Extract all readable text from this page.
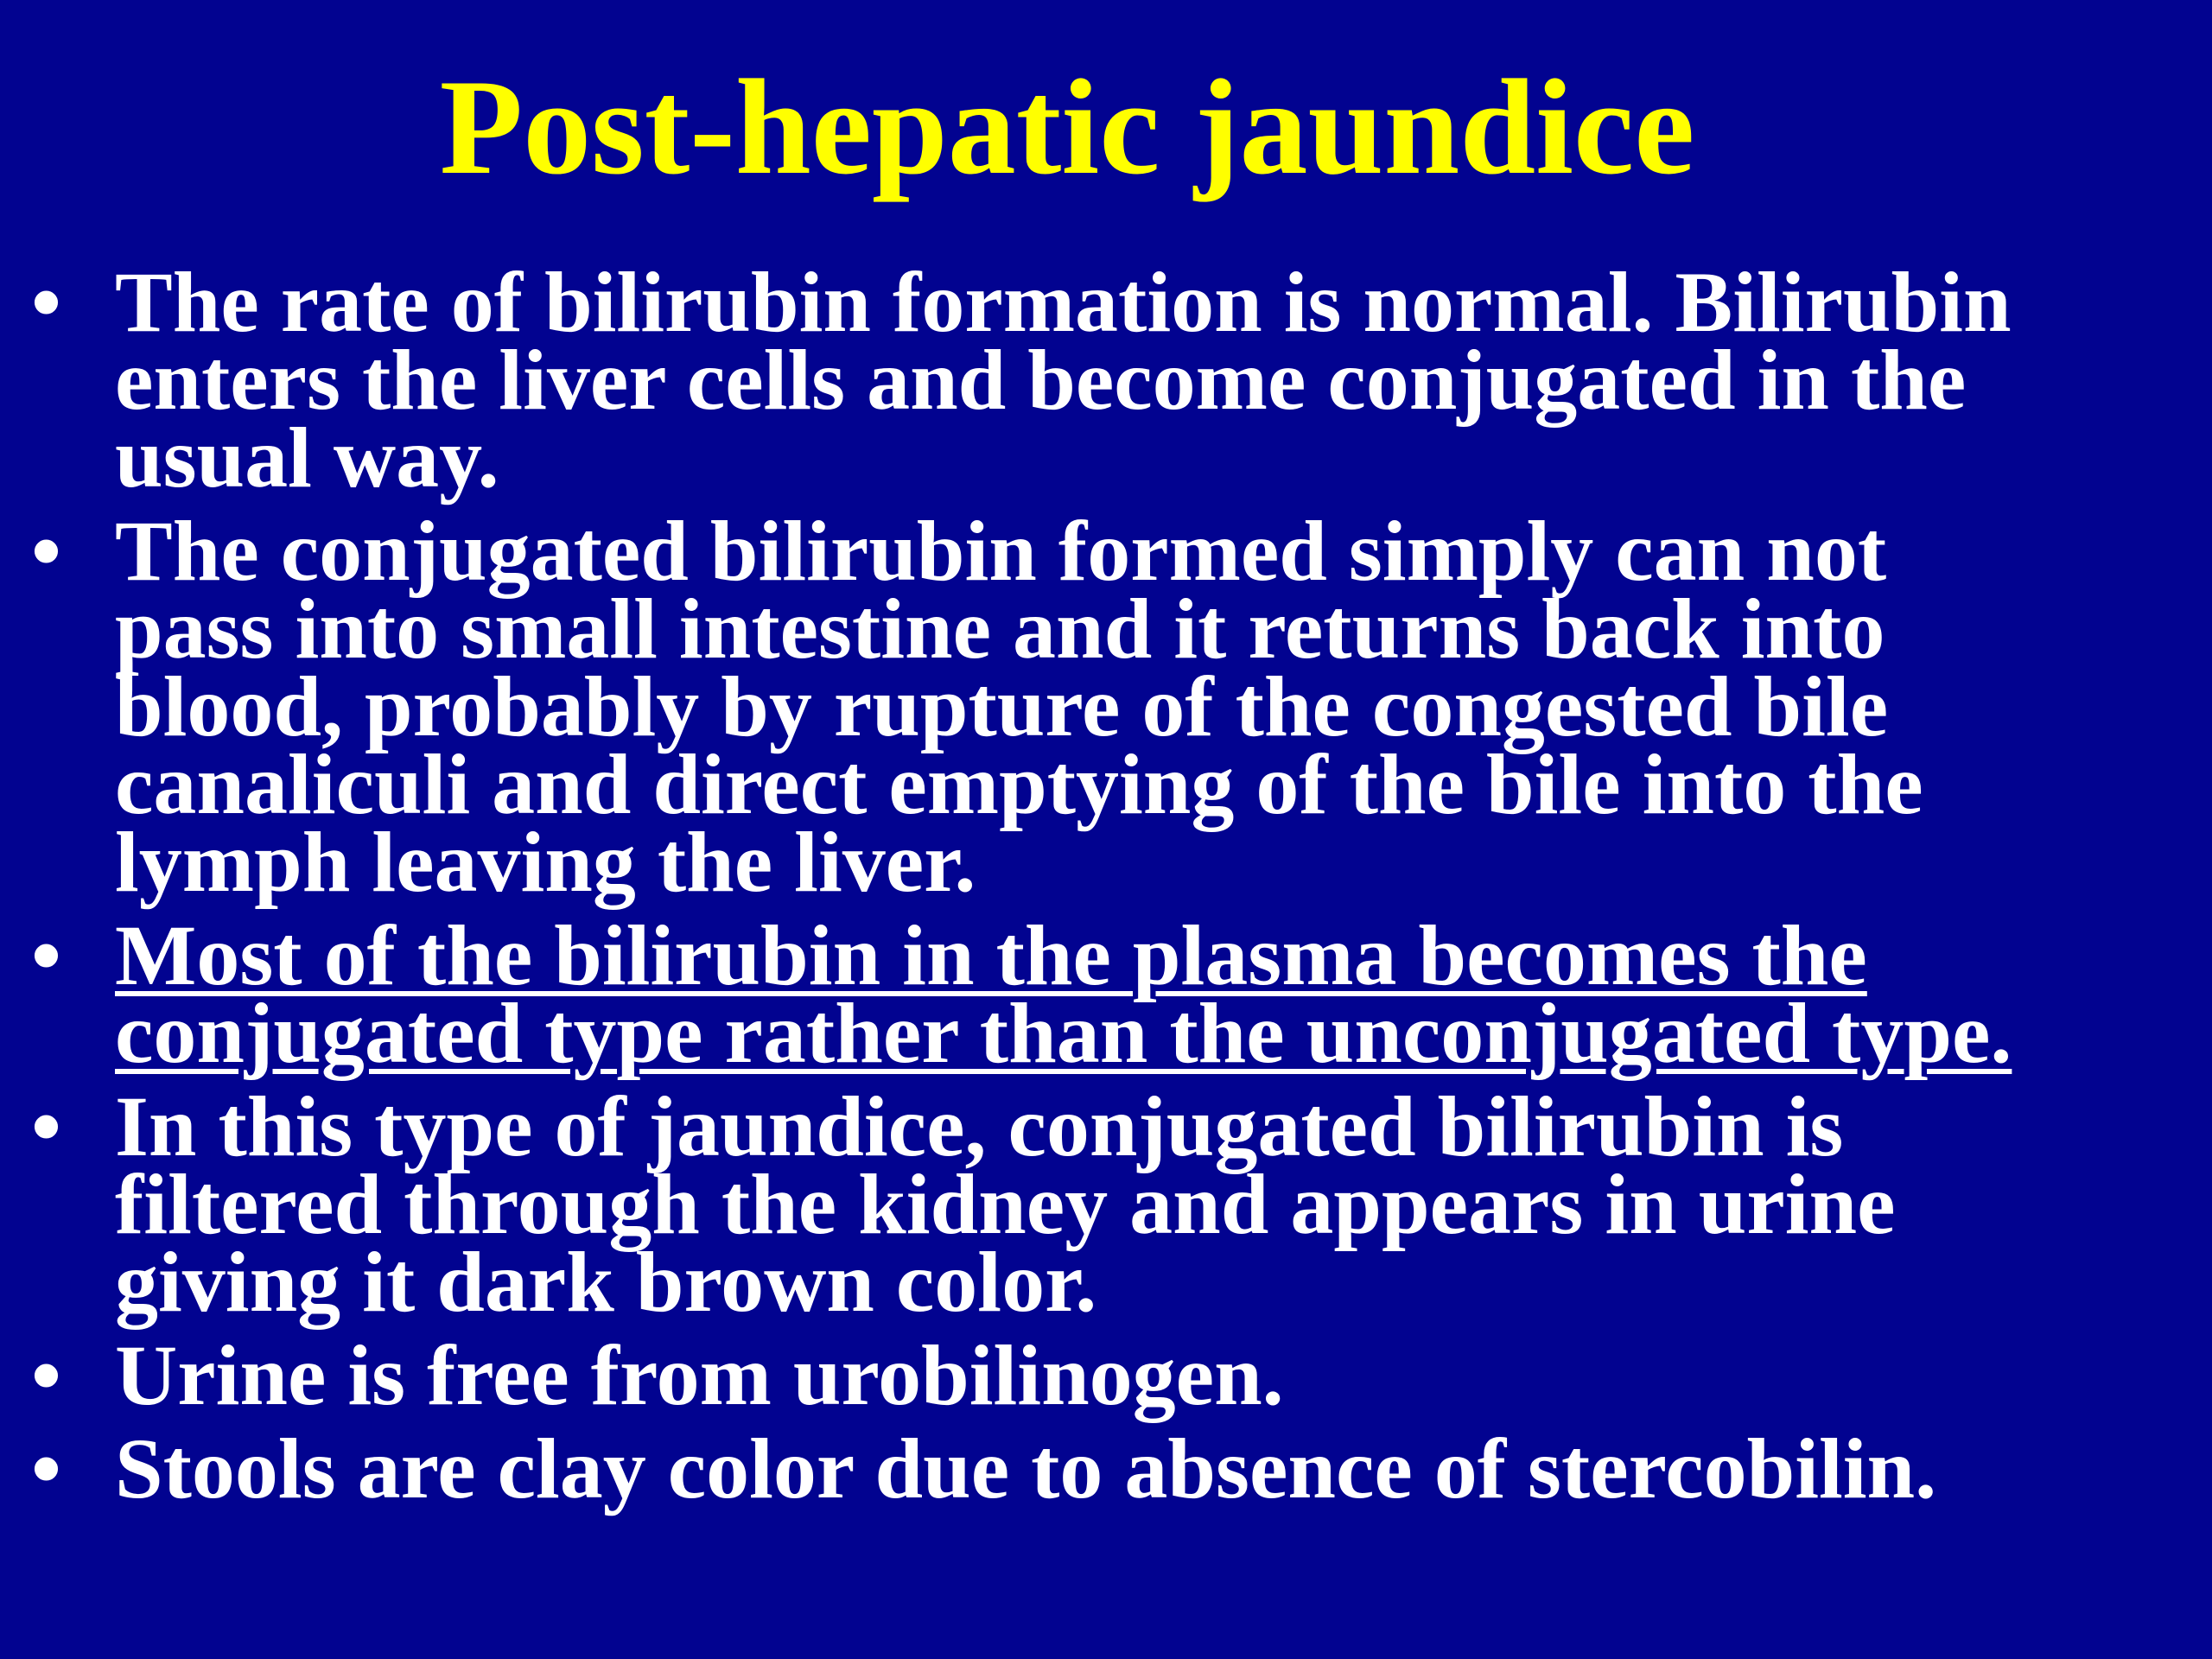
Post-hepatic jaundice
• The rate of bilirubin formation is normal. Bilirubin
enters the liver cells and become conjugated in the
usual way.
• The conjugated bilirubin formed simply can not
pass into small intestine and it returns back into
blood, probably by rupture of the congested bile
canaliculi and direct emptying of the bile into the
lymph leaving the liver.
• Most of the bilirubin in the plasma becomes the
conjugated type rather than the unconjugated type.
• In this type of jaundice, conjugated bilirubin is
filtered through the kidney and appears in urine
giving it dark brown color.
• Urine is free from urobilinogen.
• Stools are clay color due to absence of stercobilin.
